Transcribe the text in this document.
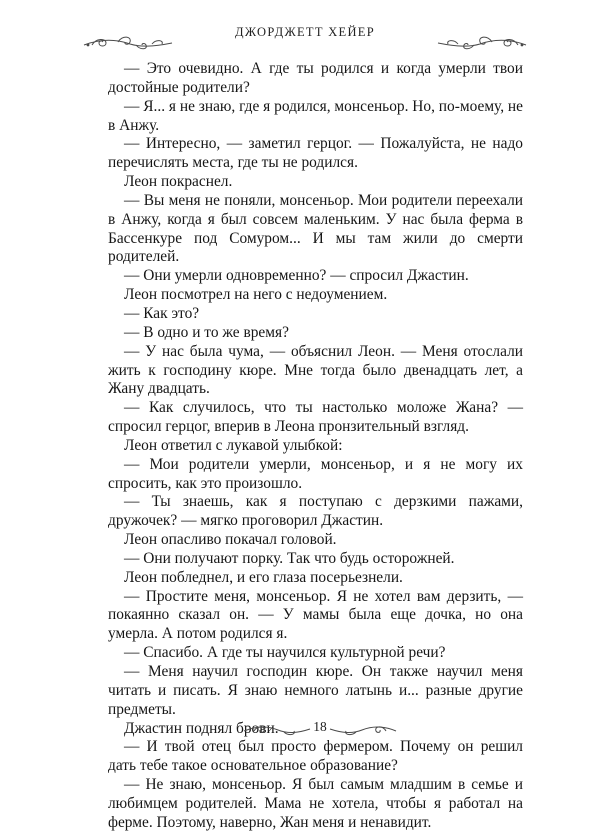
ДЖОРДЖЕТТ ХЕЙЕР

— Это очевидно. А где ты родился и когда умерли твои достойные родители?

— Я... я не знаю, где я родился, монсеньор. Но, по-моему, не в Анжу.

— Интересно, — заметил герцог. — Пожалуйста, не надо перечислять места, где ты не родился.

Леон покраснел.

— Вы меня не поняли, монсеньор. Мои родители переехали в Анжу, когда я был совсем маленьким. У нас была ферма в Бассенкуре под Сомуром... И мы там жили до смерти родителей.

— Они умерли одновременно? — спросил Джастин.

Леон посмотрел на него с недоумением.

— Как это?

— В одно и то же время?

— У нас была чума, — объяснил Леон. — Меня отослали жить к господину кюре. Мне тогда было двенадцать лет, а Жану двадцать.

— Как случилось, что ты настолько моложе Жана? — спросил герцог, вперив в Леона пронзительный взгляд.

Леон ответил с лукавой улыбкой:

— Мои родители умерли, монсеньор, и я не могу их спросить, как это произошло.

— Ты знаешь, как я поступаю с дерзкими пажами, дружочек? — мягко проговорил Джастин.

Леон опасливо покачал головой.

— Они получают порку. Так что будь осторожней.

Леон побледнел, и его глаза посерьезнели.

— Простите меня, монсеньор. Я не хотел вам дерзить, — покаянно сказал он. — У мамы была еще дочка, но она умерла. А потом родился я.

— Спасибо. А где ты научился культурной речи?

— Меня научил господин кюре. Он также научил меня читать и писать. Я знаю немного латынь и... разные другие предметы.

Джастин поднял брови.

— И твой отец был просто фермером. Почему он решил дать тебе такое основательное образование?

— Не знаю, монсеньор. Я был самым младшим в семье и любимцем родителей. Мама не хотела, чтобы я работал на ферме. Поэтому, наверно, Жан меня и ненавидит.

18
